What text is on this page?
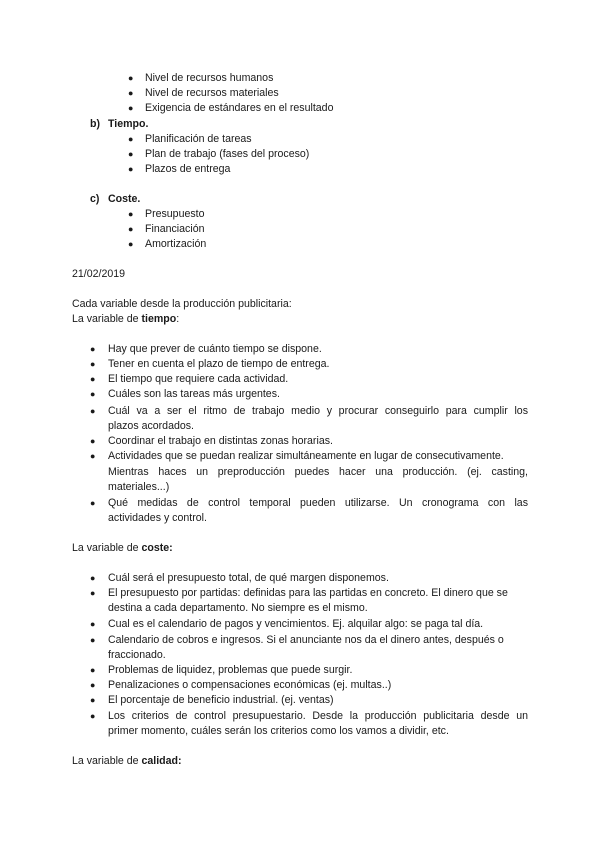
● Nivel de recursos humanos
● Nivel de recursos materiales
● Exigencia de estándares en el resultado
b) Tiempo.
● Planificación de tareas
● Plan de trabajo (fases del proceso)
● Plazos de entrega
c) Coste.
● Presupuesto
● Financiación
● Amortización
21/02/2019
Cada variable desde la producción publicitaria:
La variable de tiempo:
● Hay que prever de cuánto tiempo se dispone.
● Tener en cuenta el plazo de tiempo de entrega.
● El tiempo que requiere cada actividad.
● Cuáles son las tareas más urgentes.
● Cuál va a ser el ritmo de trabajo medio y procurar conseguirlo para cumplir los
plazos acordados.
● Coordinar el trabajo en distintas zonas horarias.
● Actividades que se puedan realizar simultáneamente en lugar de consecutivamente.
Mientras haces un preproducción puedes hacer una producción. (ej. casting,
materiales...)
● Qué medidas de control temporal pueden utilizarse. Un cronograma con las
actividades y control.
La variable de coste:
● Cuál será el presupuesto total, de qué margen disponemos.
● El presupuesto por partidas: definidas para las partidas en concreto. El dinero que se
destina a cada departamento. No siempre es el mismo.
● Cual es el calendario de pagos y vencimientos. Ej. alquilar algo: se paga tal día.
● Calendario de cobros e ingresos. Si el anunciante nos da el dinero antes, después o
fraccionado.
● Problemas de liquidez, problemas que puede surgir.
● Penalizaciones o compensaciones económicas (ej. multas..)
● El porcentaje de beneficio industrial. (ej. ventas)
● Los criterios de control presupuestario. Desde la producción publicitaria desde un
primer momento, cuáles serán los criterios como los vamos a dividir, etc.
La variable de calidad:
